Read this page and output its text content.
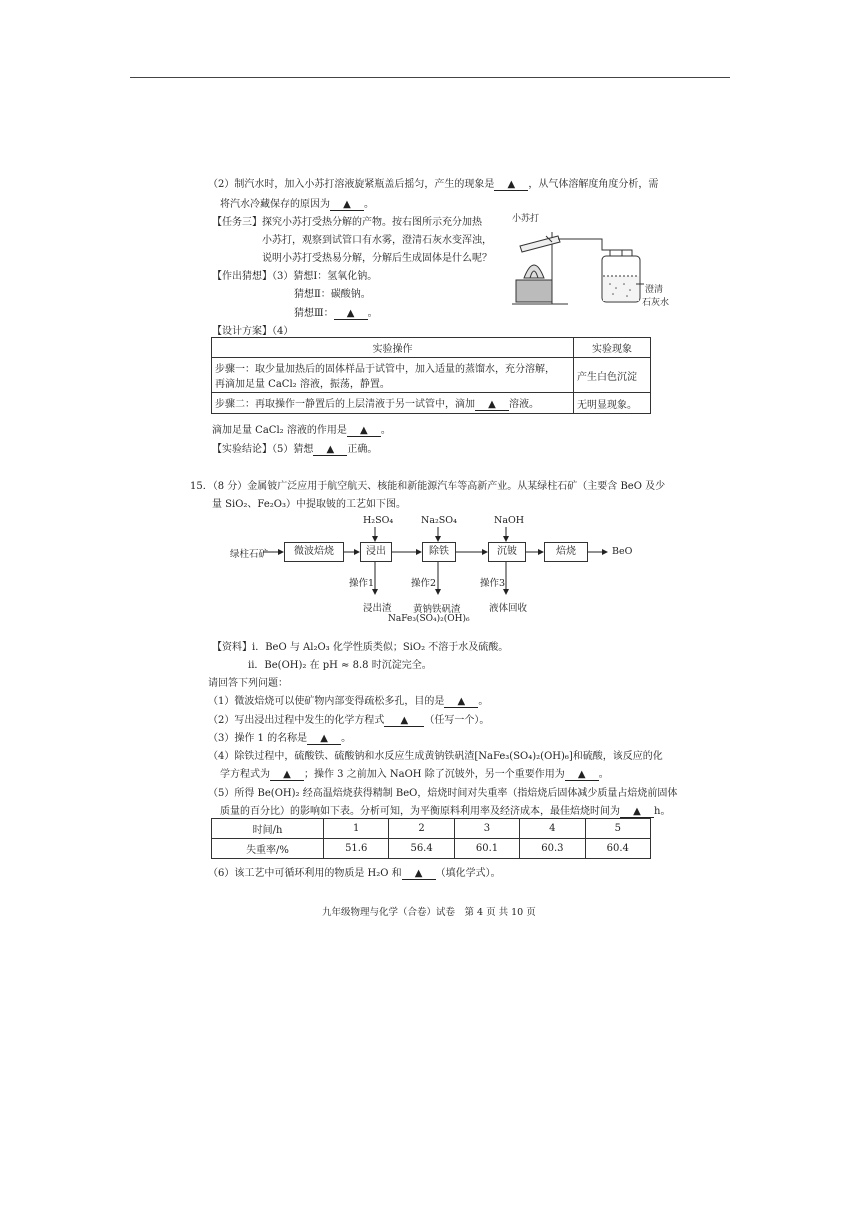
（2）制汽水时，加入小苏打溶液旋紧瓶盖后摇匀，产生的现象是 ▲ ，从气体溶解度角度分析，需
将汽水冷藏保存的原因为 ▲ 。
【任务三】探究小苏打受热分解的产物。按右图所示充分加热
小苏打，观察到试管口有水雾，澄清石灰水变浑浊，
说明小苏打受热易分解，分解后生成固体是什么呢？
【作出猜想】（3）猜想Ⅰ：氢氧化钠。
猜想Ⅱ：碳酸钠。
猜想Ⅲ： ▲ 。
小苏打
澄清
石灰水
【设计方案】（4）
实验操作	实验现象

步骤一：取少量加热后的固体样品于试管中，加入适量的蒸馏水，充分溶解，
再滴加足量 CaCl₂ 溶液，振荡，静置。	产生白色沉淀
步骤二：再取操作一静置后的上层清液于另一试管中，滴加 ▲ 溶液。	无明显现象。
滴加足量 CaCl₂ 溶液的作用是 ▲ 。
【实验结论】（5）猜想 ▲ 正确。
15．（8 分）金属铍广泛应用于航空航天、核能和新能源汽车等高新产业。从某绿柱石矿（主要含 BeO 及少
量 SiO₂、Fe₂O₃）中提取铍的工艺如下图。
绿柱石矿	微波焙烧	浸出	除铁	沉铍	焙烧	BeO
H₂SO₄	Na₂SO₄	NaOH
操作1	操作2	操作3
浸出渣 黄钠铁矾渣
NaFe₃(SO₄)₂(OH)₆
液体回收
【资料】i．BeO 与 Al₂O₃ 化学性质类似；SiO₂ 不溶于水及硫酸。
ii．Be(OH)₂ 在 pH ≈ 8.8 时沉淀完全。
请回答下列问题：
（1）微波焙烧可以使矿物内部变得疏松多孔，目的是 ▲ 。
（2）写出浸出过程中发生的化学方程式 ▲ （任写一个）。
（3）操作 1 的名称是 ▲ 。
（4）除铁过程中，硫酸铁、硫酸钠和水反应生成黄钠铁矾渣[NaFe₃(SO₄)₂(OH)₆]和硫酸，该反应的化
学方程式为 ▲ ；操作 3 之前加入 NaOH 除了沉铍外，另一个重要作用为 ▲ 。
（5）所得 Be(OH)₂ 经高温焙烧获得精制 BeO，焙烧时间对失重率（指焙烧后固体减少质量占焙烧前固体
质量的百分比）的影响如下表。分析可知，为平衡原料利用率及经济成本，最佳焙烧时间为 ▲ h。
时间/h	1	2	3	4	5
失重率/%	51.6	56.4	60.1	60.3	60.4
（6）该工艺中可循环利用的物质是 H₂O 和 ▲ （填化学式）。
九年级物理与化学（合卷）试卷　第 4 页 共 10 页
